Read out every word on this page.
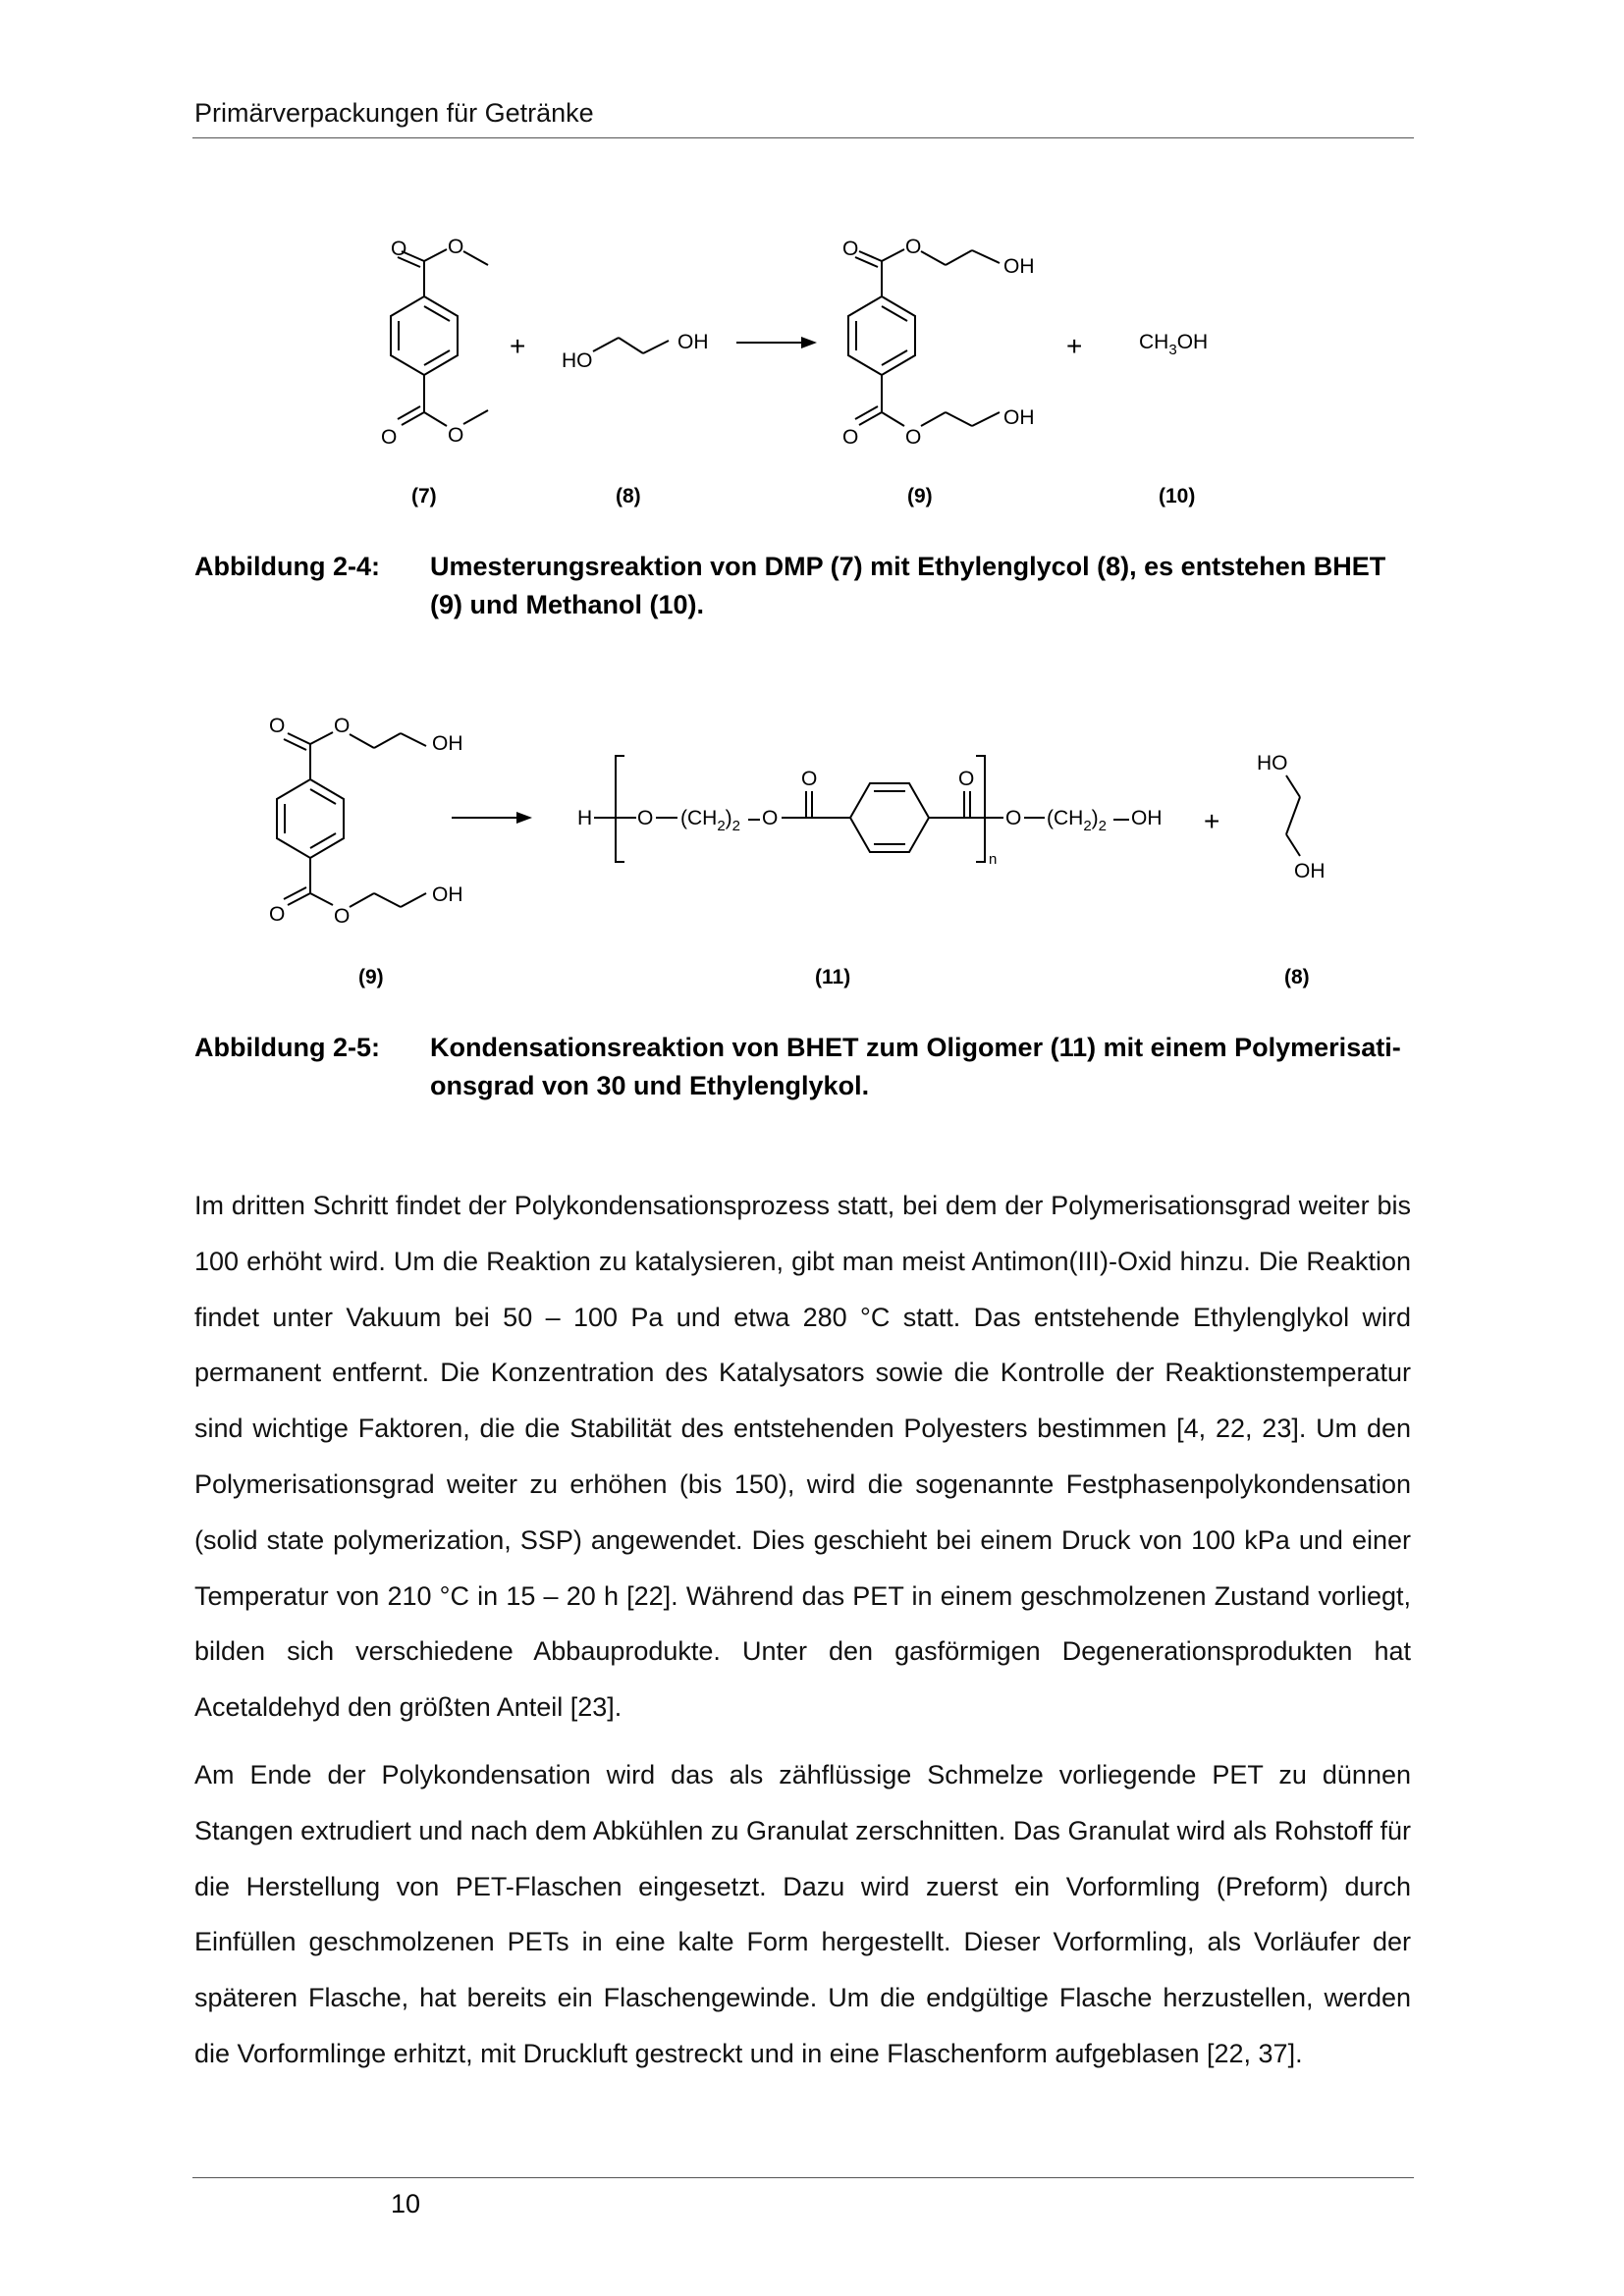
Primärverpackungen für Getränke
O O
O O
+ HO
OH
O O
OH
O O
OH
+	$CH_3OH$
(7)	(8)	(9)	(10)
Abbildung 2-4: Umesterungsreaktion von DMP (7) mit Ethylenglycol (8), es entstehen BHET (9) und Methanol (10).
O O
OH
O O
OH
H O $(CH_2)_2$ O
O	O
n
O $(CH_2)_2$ OH +
HO
OH
(9)	(11)	(8)
Abbildung 2-5: Kondensationsreaktion von BHET zum Oligomer (11) mit einem Polymerisationsgrad von 30 und Ethylenglykol.

Im dritten Schritt findet der Polykondensationsprozess statt, bei dem der Polymerisationsgrad weiter bis 100 erhöht wird. Um die Reaktion zu katalysieren, gibt man meist Antimon(III)-Oxid hinzu. Die Reaktion findet unter Vakuum bei 50 – 100 Pa und etwa 280 °C statt. Das entstehende Ethylenglykol wird permanent entfernt. Die Konzentration des Katalysators sowie die Kontrolle der Reaktionstemperatur sind wichtige Faktoren, die die Stabilität des entstehenden Polyesters bestimmen [4, 22, 23]. Um den Polymerisationsgrad weiter zu erhöhen (bis 150), wird die sogenannte Festphasenpolykondensation (solid state polymerization, SSP) angewendet. Dies geschieht bei einem Druck von 100 kPa und einer Temperatur von 210 °C in 15 – 20 h [22]. Während das PET in einem geschmolzenen Zustand vorliegt, bilden sich verschiedene Abbauprodukte. Unter den gasförmigen Degenerationsprodukten hat Acetaldehyd den größten Anteil [23].

Am Ende der Polykondensation wird das als zähflüssige Schmelze vorliegende PET zu dünnen Stangen extrudiert und nach dem Abkühlen zu Granulat zerschnitten. Das Granulat wird als Rohstoff für die Herstellung von PET-Flaschen eingesetzt. Dazu wird zuerst ein Vorformling (Preform) durch Einfüllen geschmolzenen PETs in eine kalte Form hergestellt. Dieser Vorformling, als Vorläufer der späteren Flasche, hat bereits ein Flaschengewinde. Um die endgültige Flasche herzustellen, werden die Vorformlinge erhitzt, mit Druckluft gestreckt und in eine Flaschenform aufgeblasen [22, 37].

10
